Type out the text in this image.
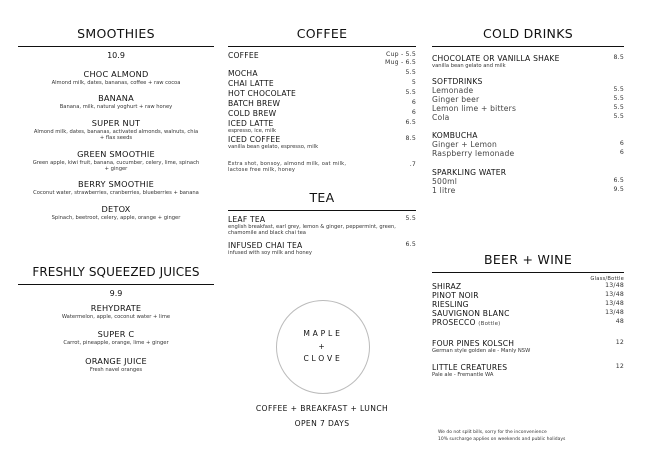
SMOOTHIES
10.9
CHOC ALMOND
Almond milk, dates, bananas, coffee + raw cocoa
BANANA
Banana, milk, natural yoghurt + raw honey
SUPER NUT
Almond milk, dates, bananas, activated almonds, walnuts, chia + flax seeds
GREEN SMOOTHIE
Green apple, kiwi fruit, banana, cucumber, celery, lime, spinach + ginger
BERRY SMOOTHIE
Coconut water, strawberries, cranberries, blueberries + banana
DETOX
Spinach, beetroot, celery, apple, orange + ginger
FRESHLY SQUEEZED JUICES
9.9
REHYDRATE
Watermelon, apple, coconut water + lime
SUPER C
Carrot, pineapple, orange, lime + ginger
ORANGE JUICE
Fresh navel oranges
COFFEE
COFFEE	Cup - 5.5
Mug - 6.5
MOCHA	5.5
CHAI LATTE	5
HOT CHOCOLATE	5.5
BATCH BREW	6
COLD BREW	6
ICED LATTE	6.5
espresso, ice, milk
ICED COFFEE	8.5
vanilla bean gelato, espresso, milk
Extra shot, bonsoy, almond milk, oat milk, lactose free milk, honey
.7
TEA
LEAF TEA	5.5
english breakfast, earl grey, lemon & ginger, peppermint, green, chamomile and black chai tea
INFUSED CHAI TEA	6.5
infused with soy milk and honey
MAPLE
+
CLOVE
COFFEE + BREAKFAST + LUNCH
OPEN 7 DAYS
COLD DRINKS
CHOCOLATE OR VANILLA SHAKE	8.5
vanilla bean gelato and milk
SOFTDRINKS
Lemonade	5.5
Ginger beer	5.5
Lemon lime + bitters	5.5
Cola	5.5
KOMBUCHA
Ginger + Lemon	6
Raspberry lemonade	6
SPARKLING WATER
500ml	6.5
1 litre	9.5
BEER + WINE
Glass/Bottle
SHIRAZ	13/48
PINOT NOIR	13/48
RIESLING	13/48
SAUVIGNON BLANC	13/48
PROSECCO (Bottle)	48
FOUR PINES KOLSCH	12
German style golden ale - Manly NSW
LITTLE CREATURES	12
Pale ale - Fremantle WA
We do not split bills, sorry for the inconvenience
10% surcharge applies on weekends and public holidays
